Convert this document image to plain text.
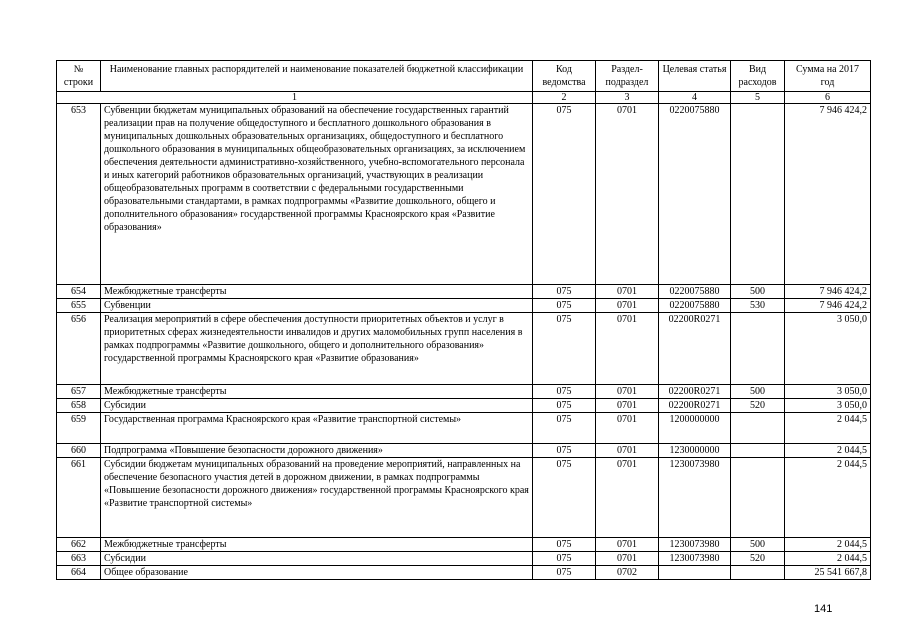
№ строки	Наименование главных распорядителей и наименование показателей бюджетной классификации	Код ведомства	Раздел-подраздел	Целевая статья	Вид расходов	Сумма на 2017 год
1		2	3	4	5	6
653	Субвенции бюджетам муниципальных образований на обеспечение государственных гарантий реализации прав на получение общедоступного и бесплатного дошкольного образования в муниципальных дошкольных образовательных организациях, общедоступного и бесплатного дошкольного образования в муниципальных общеобразовательных организациях, за исключением обеспечения деятельности административно-хозяйственного, учебно-вспомогательного персонала и иных категорий работников образовательных организаций, участвующих в реализации общеобразовательных программ в соответствии с федеральными государственными образовательными стандартами, в рамках подпрограммы «Развитие дошкольного, общего и дополнительного образования» государственной программы Красноярского края «Развитие образования»	075	0701	0220075880		7 946 424,2
654	Межбюджетные трансферты	075	0701	0220075880	500	7 946 424,2
655	Субвенции	075	0701	0220075880	530	7 946 424,2
656	Реализация мероприятий в сфере обеспечения доступности приоритетных объектов и услуг в приоритетных сферах жизнедеятельности инвалидов и других маломобильных групп населения в рамках подпрограммы «Развитие дошкольного, общего и дополнительного образования» государственной программы Красноярского края «Развитие образования»	075	0701	02200R0271		3 050,0
657	Межбюджетные трансферты	075	0701	02200R0271	500	3 050,0
658	Субсидии	075	0701	02200R0271	520	3 050,0
659	Государственная программа Красноярского края «Развитие транспортной системы»	075	0701	1200000000		2 044,5
660	Подпрограмма «Повышение безопасности дорожного движения»	075	0701	1230000000		2 044,5
661	Субсидии бюджетам муниципальных образований на проведение мероприятий, направленных на обеспечение безопасного участия детей в дорожном движении, в рамках подпрограммы «Повышение безопасности дорожного движения» государственной программы Красноярского края «Развитие транспортной системы»	075	0701	1230073980		2 044,5
662	Межбюджетные трансферты	075	0701	1230073980	500	2 044,5
663	Субсидии	075	0701	1230073980	520	2 044,5
664	Общее образование	075	0702			25 541 667,8
141
